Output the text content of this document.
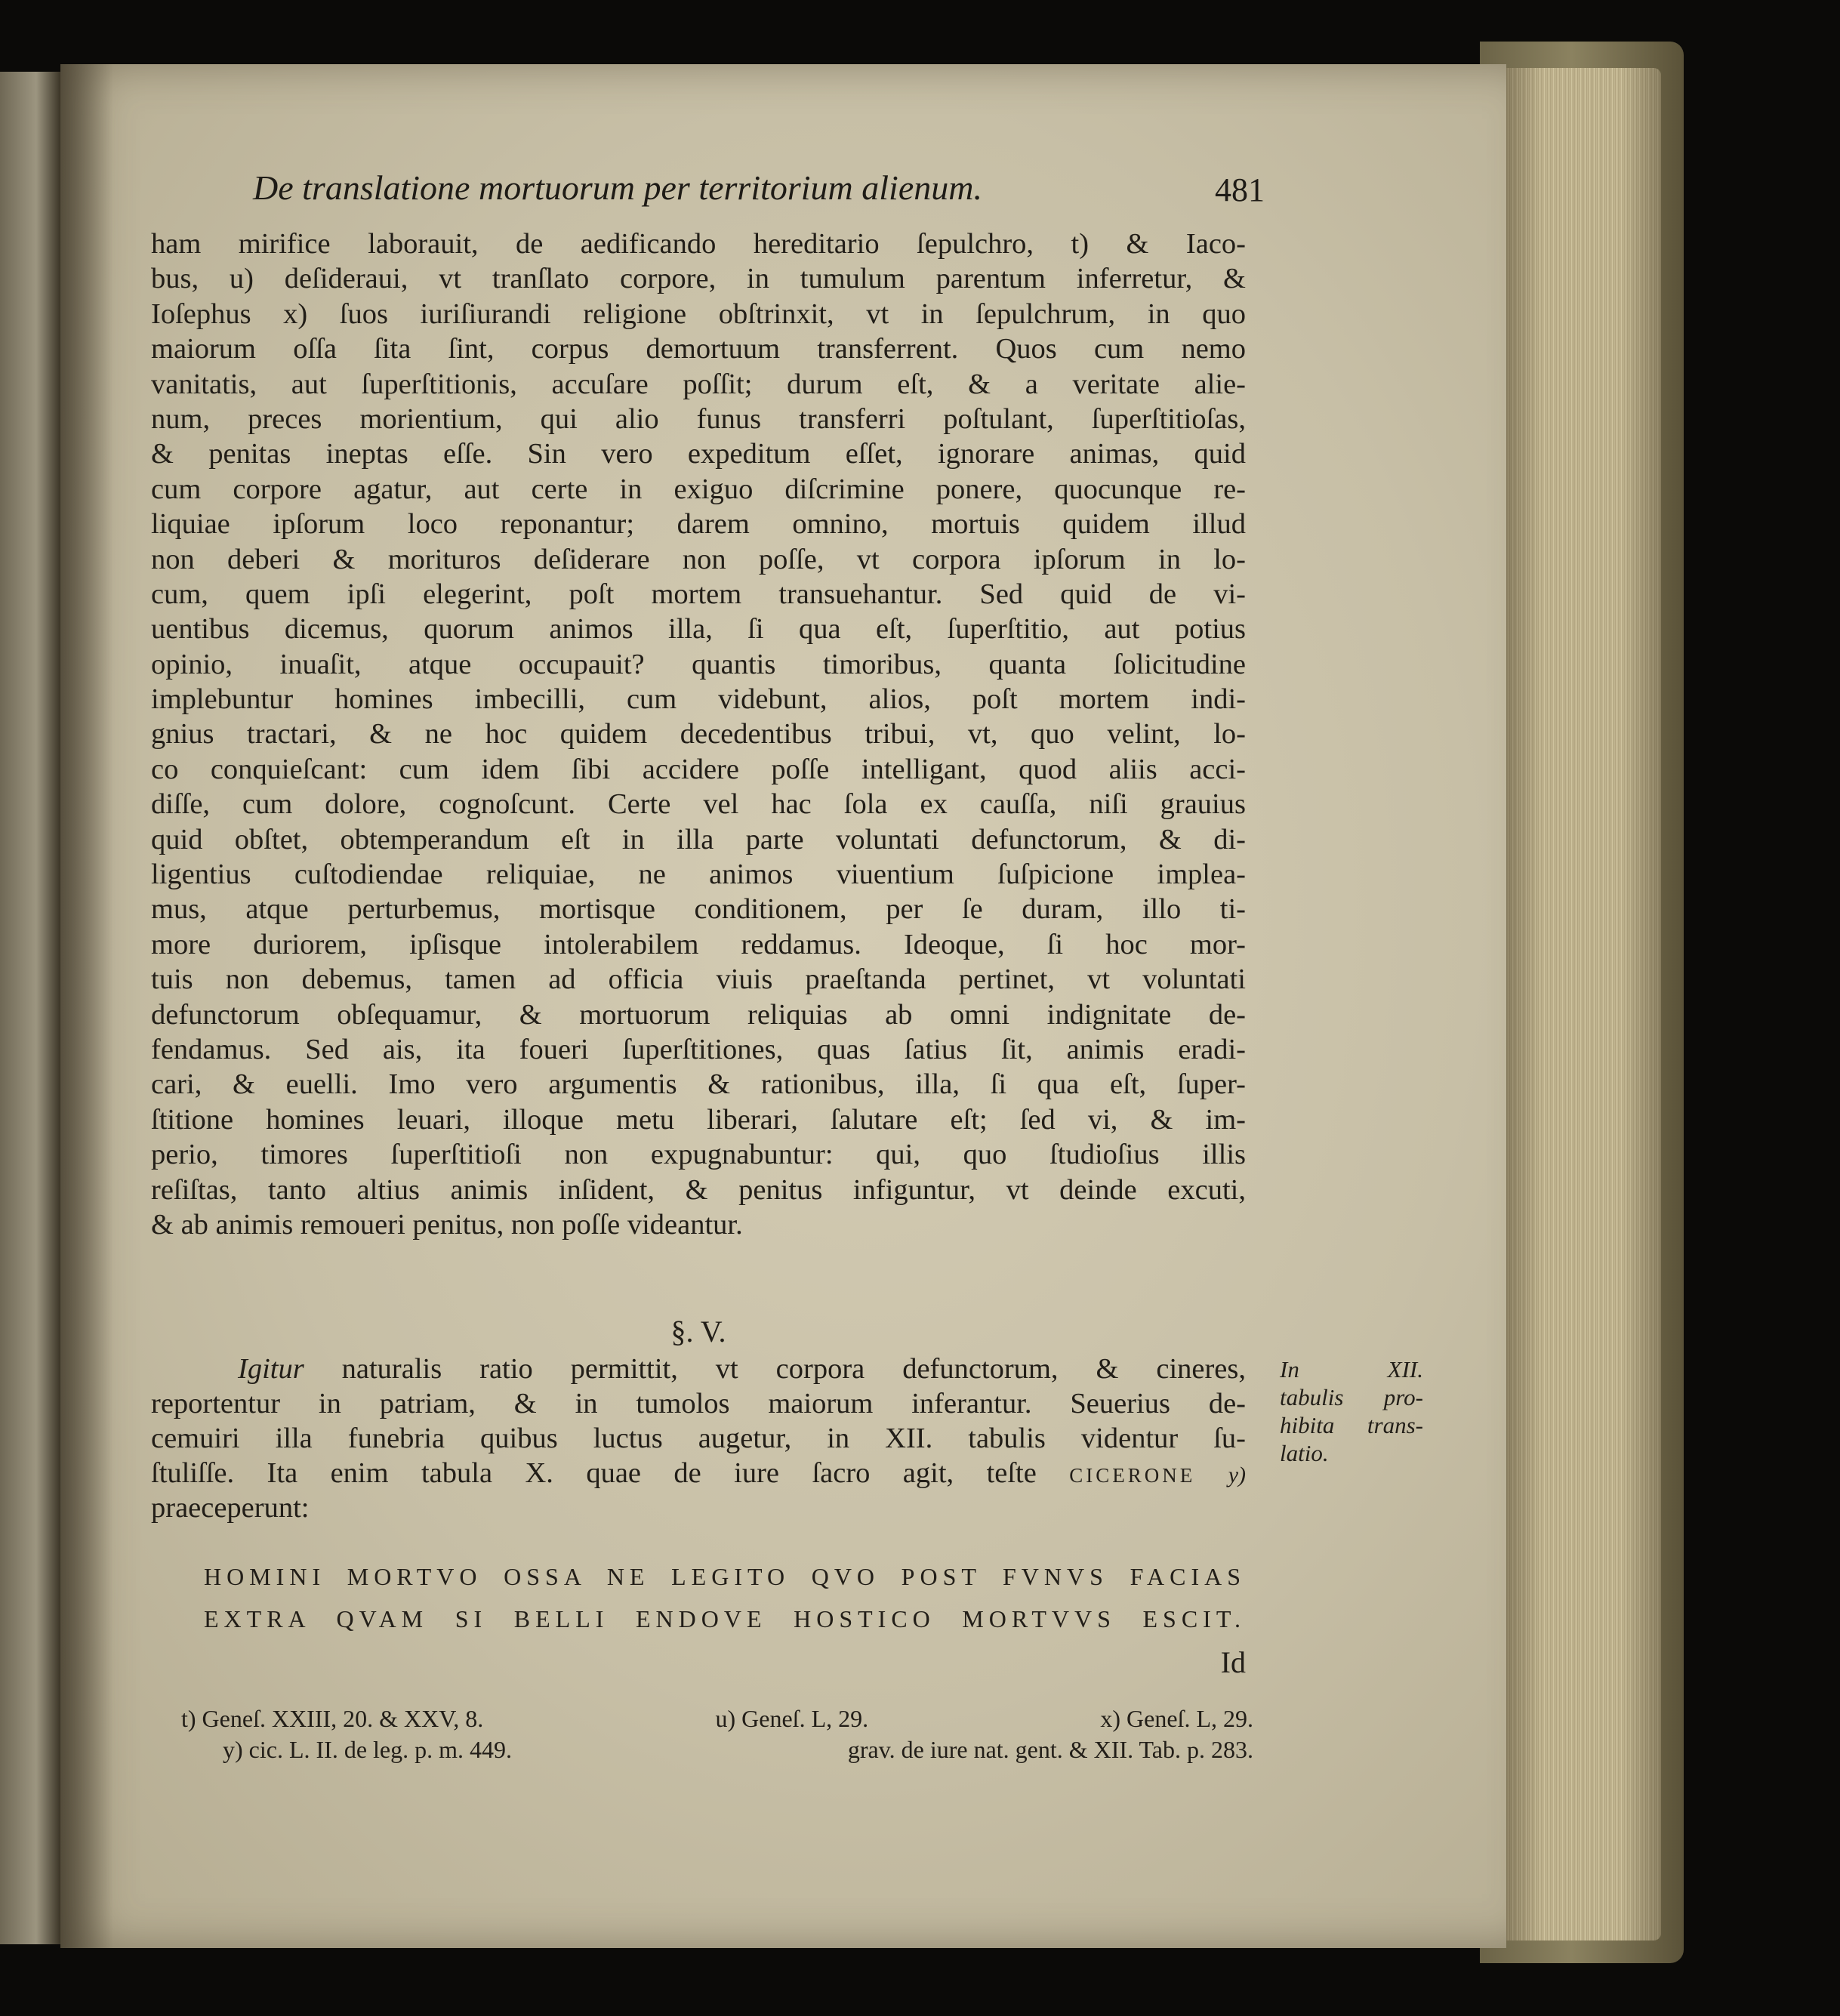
De translatione mortuorum per territorium alienum.	481
ham mirifice laborauit, de aedificando hereditario ſepulchro, t) & Iaco-
bus, u) deſideraui, vt tranſlato corpore, in tumulum parentum inferretur, &
Ioſephus x) ſuos iuriſiurandi religione obſtrinxit, vt in ſepulchrum, in quo
maiorum oſſa ſita ſint, corpus demortuum transferrent. Quos cum nemo
vanitatis, aut ſuperſtitionis, accuſare poſſit; durum eſt, & a veritate alie-
num, preces morientium, qui alio funus transferri poſtulant, ſuperſtitioſas,
& penitas ineptas eſſe. Sin vero expeditum eſſet, ignorare animas, quid
cum corpore agatur, aut certe in exiguo diſcrimine ponere, quocunque re-
liquiae ipſorum loco reponantur; darem omnino, mortuis quidem illud
non deberi & morituros deſiderare non poſſe, vt corpora ipſorum in lo-
cum, quem ipſi elegerint, poſt mortem transuehantur. Sed quid de vi-
uentibus dicemus, quorum animos illa, ſi qua eſt, ſuperſtitio, aut potius
opinio, inuaſit, atque occupauit? quantis timoribus, quanta ſolicitudine
implebuntur homines imbecilli, cum videbunt, alios, poſt mortem indi-
gnius tractari, & ne hoc quidem decedentibus tribui, vt, quo velint, lo-
co conquieſcant: cum idem ſibi accidere poſſe intelligant, quod aliis acci-
diſſe, cum dolore, cognoſcunt. Certe vel hac ſola ex cauſſa, niſi grauius
quid obſtet, obtemperandum eſt in illa parte voluntati defunctorum, & di-
ligentius cuſtodiendae reliquiae, ne animos viuentium ſuſpicione implea-
mus, atque perturbemus, mortisque conditionem, per ſe duram, illo ti-
more duriorem, ipſisque intolerabilem reddamus. Ideoque, ſi hoc mor-
tuis non debemus, tamen ad officia viuis praeſtanda pertinet, vt voluntati
defunctorum obſequamur, & mortuorum reliquias ab omni indignitate de-
fendamus. Sed ais, ita foueri ſuperſtitiones, quas ſatius ſit, animis eradi-
cari, & euelli. Imo vero argumentis & rationibus, illa, ſi qua eſt, ſuper-
ſtitione homines leuari, illoque metu liberari, ſalutare eſt; ſed vi, & im-
perio, timores ſuperſtitioſi non expugnabuntur: qui, quo ſtudioſius illis
reſiſtas, tanto altius animis inſident, & penitus infiguntur, vt deinde excuti,
& ab animis remoueri penitus, non poſſe videantur.
§. V.
Igitur naturalis ratio permittit, vt corpora defunctorum, & cineres,
reportentur in patriam, & in tumolos maiorum inferantur. Seuerius de-
cemuiri illa funebria quibus luctus augetur, in XII. tabulis videntur ſu-
ſtuliſſe. Ita enim tabula X. quae de iure ſacro agit, teſte cicerone y)
praeceperunt:
In XII.
tabulis pro-
hibita trans-
latio.
HOMINI MORTVO OSSA NE LEGITO QVO POST FVNVS FACIAS
EXTRA QVAM SI BELLI ENDOVE HOSTICO MORTVVS ESCIT.
Id
t) Geneſ. XXIII, 20. & XXV, 8.	u) Geneſ. L, 29.	x) Geneſ. L, 29.
y) cic. L. II. de leg. p. m. 449.	grav. de iure nat. gent. & XII. Tab. p. 283.
